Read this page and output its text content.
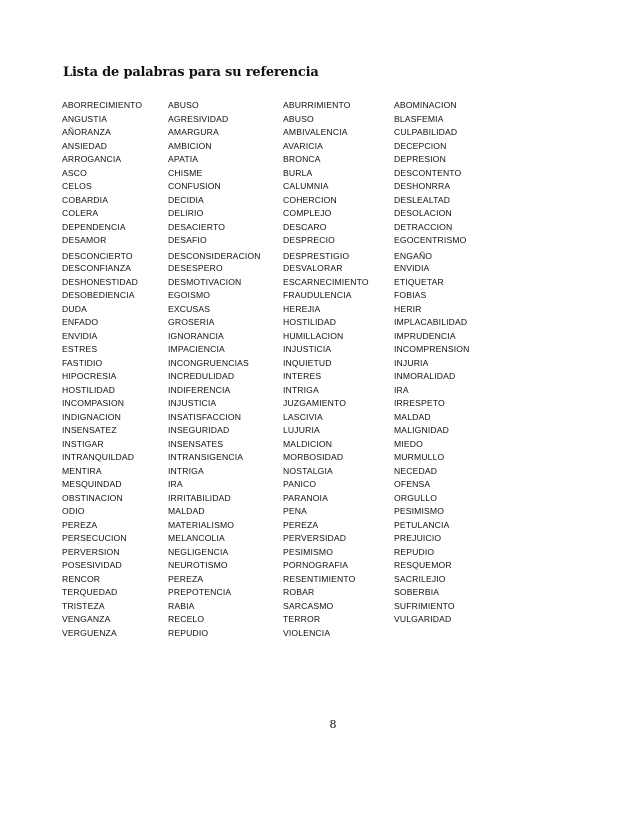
Lista de palabras para su referencia
ABORRECIMIENTO
ANGUSTIA
AÑORANZA
ANSIEDAD
ARROGANCIA
ASCO
CELOS
COBARDIA
COLERA
DEPENDENCIA
DESAMOR
DESCONCIERTO
DESCONFIANZA
DESHONESTIDAD
DESOBEDIENCIA
DUDA
ENFADO
ENVIDIA
ESTRES
FASTIDIO
HIPOCRESIA
HOSTILIDAD
INCOMPASION
INDIGNACION
INSENSATEZ
INSTIGAR
INTRANQUILDAD
MENTIRA
MESQUINDAD
OBSTINACION
ODIO
PEREZA
PERSECUCION
PERVERSION
POSESIVIDAD
RENCOR
TERQUEDAD
TRISTEZA
VENGANZA
VERGUENZA
ABUSO
AGRESIVIDAD
AMARGURA
AMBICION
APATIA
CHISME
CONFUSION
DECIDIA
DELIRIO
DESACIERTO
DESAFIO
DESCONSIDERACION
DESESPERO
DESMOTIVACION
EGOISMO
EXCUSAS
GROSERIA
IGNORANCIA
IMPACIENCIA
INCONGRUENCIAS
INCREDULIDAD
INDIFERENCIA
INJUSTICIA
INSATISFACCION
INSEGURIDAD
INSENSATES
INTRANSIGENCIA
INTRIGA
IRA
IRRITABILIDAD
MALDAD
MATERIALISMO
MELANCOLIA
NEGLIGENCIA
NEUROTISMO
PEREZA
PREPOTENCIA
RABIA
RECELO
REPUDIO
ABURRIMIENTO
ABUSO
AMBIVALENCIA
AVARICIA
BRONCA
BURLA
CALUMNIA
COHERCION
COMPLEJO
DESCARO
DESPRECIO
DESPRESTIGIO
DESVALORAR
ESCARNECIMIENTO
FRAUDULENCIA
HEREJIA
HOSTILIDAD
HUMILLACION
INJUSTICIA
INQUIETUD
INTERES
INTRIGA
JUZGAMIENTO
LASCIVIA
LUJURIA
MALDICION
MORBOSIDAD
NOSTALGIA
PANICO
PARANOIA
PENA
PEREZA
PERVERSIDAD
PESIMISMO
PORNOGRAFIA
RESENTIMIENTO
ROBAR
SARCASMO
TERROR
VIOLENCIA
ABOMINACION
BLASFEMIA
CULPABILIDAD
DECEPCION
DEPRESION
DESCONTENTO
DESHONRRA
DESLEALTAD
DESOLACION
DETRACCION
EGOCENTRISMO
ENGAÑO
ENVIDIA
ETIQUETAR
FOBIAS
HERIR
IMPLACABILIDAD
IMPRUDENCIA
INCOMPRENSION
INJURIA
INMORALIDAD
IRA
IRRESPETO
MALDAD
MALIGNIDAD
MIEDO
MURMULLO
NECEDAD
OFENSA
ORGULLO
PESIMISMO
PETULANCIA
PREJUICIO
REPUDIO
RESQUEMOR
SACRILEJIO
SOBERBIA
SUFRIMIENTO
VULGARIDAD
8
